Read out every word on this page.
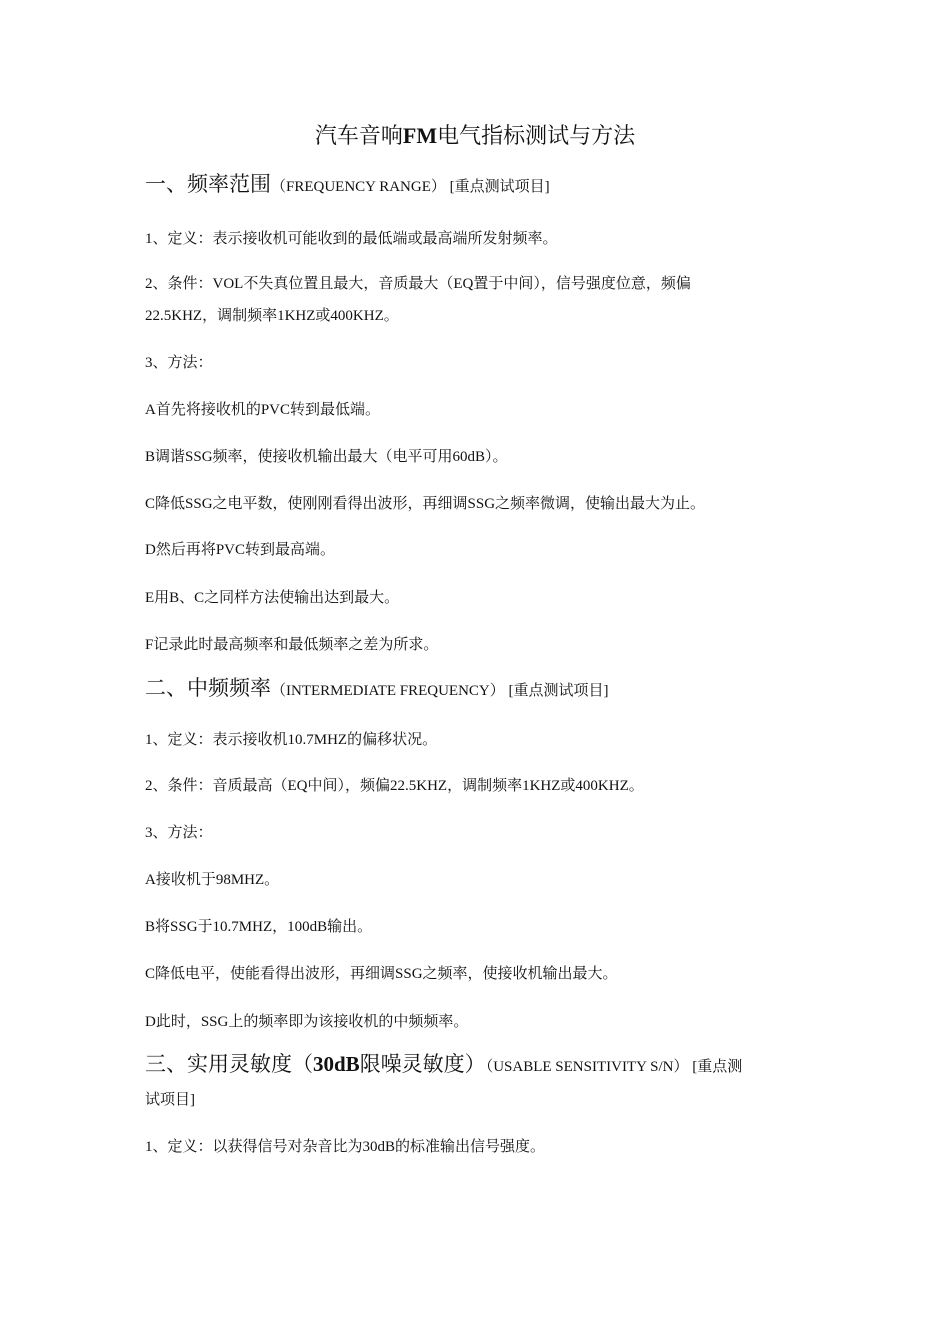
汽车音响FM电气指标测试与方法
一、频率范围（FREQUENCY RANGE） [重点测试项目]
1、定义：表示接收机可能收到的最低端或最高端所发射频率。
2、条件：VOL不失真位置且最大，音质最大（EQ置于中间），信号强度位意，频偏
22.5KHZ，调制频率1KHZ或400KHZ。
3、方法：
A首先将接收机的PVC转到最低端。
B调谐SSG频率，使接收机输出最大（电平可用60dB）。
C降低SSG之电平数，使刚刚看得出波形，再细调SSG之频率微调，使输出最大为止。
D然后再将PVC转到最高端。
E用B、C之同样方法使输出达到最大。
F记录此时最高频率和最低频率之差为所求。
二、中频频率（INTERMEDIATE FREQUENCY） [重点测试项目]
1、定义：表示接收机10.7MHZ的偏移状况。
2、条件：音质最高（EQ中间），频偏22.5KHZ，调制频率1KHZ或400KHZ。
3、方法：
A接收机于98MHZ。
B将SSG于10.7MHZ，100dB输出。
C降低电平，使能看得出波形，再细调SSG之频率，使接收机输出最大。
D此时，SSG上的频率即为该接收机的中频频率。
三、实用灵敏度（30dB限噪灵敏度）（USABLE SENSITIVITY S/N） [重点测
试项目]
1、定义：以获得信号对杂音比为30dB的标准输出信号强度。
